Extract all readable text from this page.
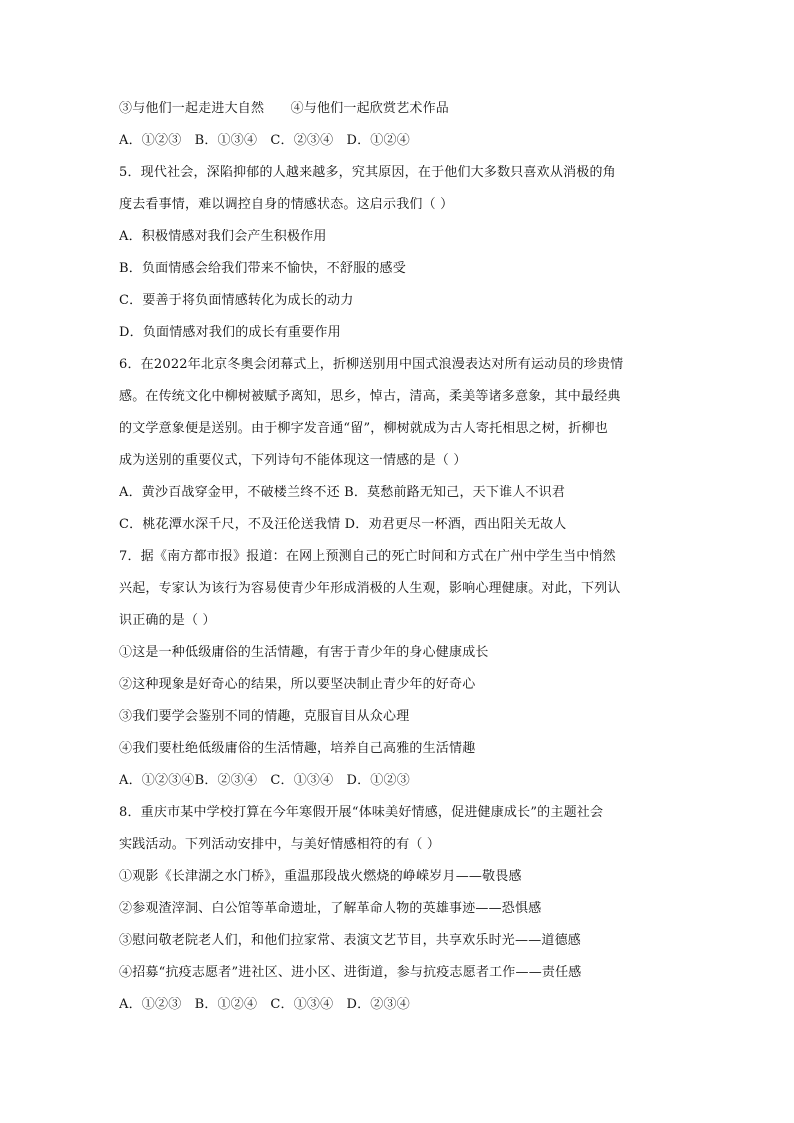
③与他们一起走进大自然　　④与他们一起欣赏艺术作品
A．①②③　B．①③④　C．②③④　D．①②④
5．现代社会，深陷抑郁的人越来越多，究其原因，在于他们大多数只喜欢从消极的角
度去看事情，难以调控自身的情感状态。这启示我们（ ）
A．积极情感对我们会产生积极作用
B．负面情感会给我们带来不愉快，不舒服的感受
C．要善于将负面情感转化为成长的动力
D．负面情感对我们的成长有重要作用
6．在2022年北京冬奥会闭幕式上，折柳送别用中国式浪漫表达对所有运动员的珍贵情
感。在传统文化中柳树被赋予离知，思乡，悼古，清高，柔美等诸多意象，其中最经典
的文学意象便是送别。由于柳字发音通“留”，柳树就成为古人寄托相思之树，折柳也
成为送别的重要仪式，下列诗句不能体现这一情感的是（ ）
A．黄沙百战穿金甲，不破楼兰终不还 B．莫愁前路无知己，天下谁人不识君
C．桃花潭水深千尺，不及汪伦送我情 D．劝君更尽一杯酒，西出阳关无故人
7．据《南方都市报》报道：在网上预测自己的死亡时间和方式在广州中学生当中悄然
兴起，专家认为该行为容易使青少年形成消极的人生观，影响心理健康。对此，下列认
识正确的是（ ）
①这是一种低级庸俗的生活情趣，有害于青少年的身心健康成长
②这种现象是好奇心的结果，所以要坚决制止青少年的好奇心
③我们要学会鉴别不同的情趣，克服盲目从众心理
④我们要杜绝低级庸俗的生活情趣，培养自己高雅的生活情趣
A．①②③④B．②③④　C．①③④　D．①②③
8．重庆市某中学校打算在今年寒假开展“体味美好情感，促进健康成长”的主题社会
实践活动。下列活动安排中，与美好情感相符的有（ ）
①观影《长津湖之水门桥》，重温那段战火燃烧的峥嵘岁月——敬畏感
②参观渣滓洞、白公馆等革命遗址，了解革命人物的英雄事迹——恐惧感
③慰问敬老院老人们，和他们拉家常、表演文艺节目，共享欢乐时光——道德感
④招募“抗疫志愿者”进社区、进小区、进街道，参与抗疫志愿者工作——责任感
A．①②③　B．①②④　C．①③④　D．②③④
